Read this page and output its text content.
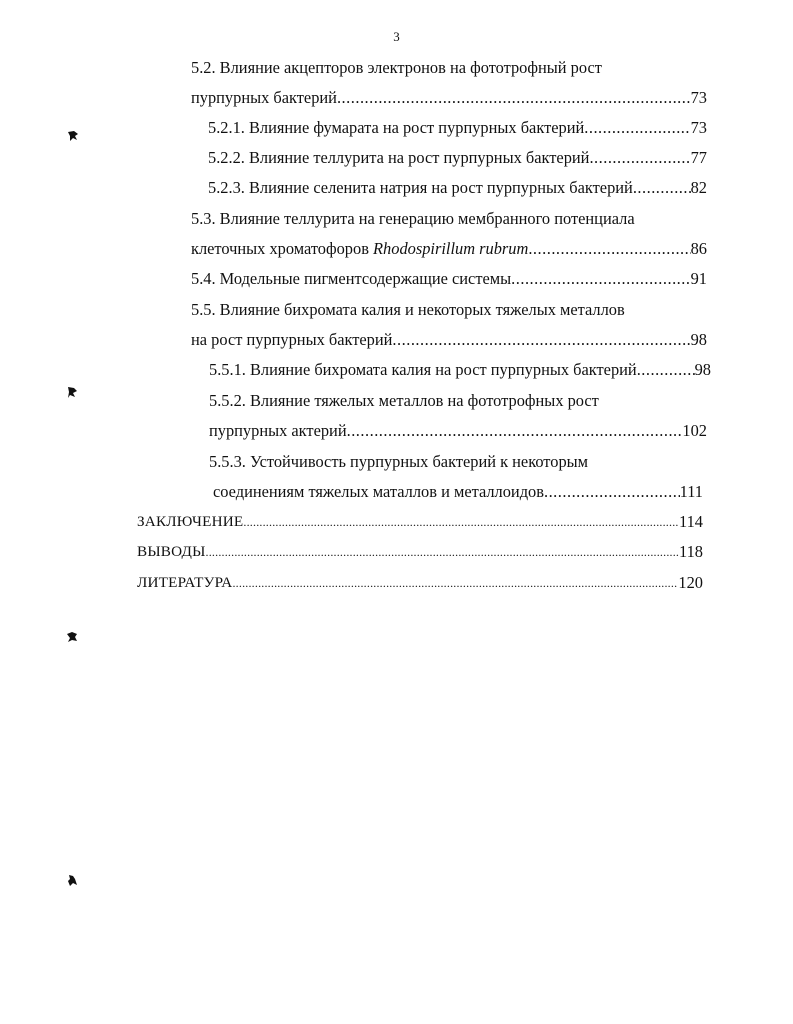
3
5.2. Влияние акцепторов электронов на фототрофный рост
пурпурных бактерий .....	73
5.2.1. Влияние фумарата на рост пурпурных бактерий .....	73
5.2.2. Влияние теллурита на рост пурпурных бактерий .....	77
5.2.3. Влияние селенита натрия на рост пурпурных бактерий .....	82
5.3. Влияние теллурита на генерацию мембранного потенциала
клеточных хроматофоров Rhodospirillum rubrum .....	86
5.4. Модельные пигментсодержащие системы .....	91
5.5. Влияние бихромата калия и некоторых тяжелых металлов
на рост пурпурных бактерий .....	98
5.5.1. Влияние бихромата калия на рост пурпурных бактерий .....	98
5.5.2. Влияние тяжелых металлов на фототрофных рост
пурпурных актерий .....	102
5.5.3. Устойчивость пурпурных бактерий к некоторым
соединениям тяжелых маталлов и металлоидов .....	111
ЗАКЛЮЧЕНИЕ .....	114
ВЫВОДЫ .....	118
ЛИТЕРАТУРА .....	120
